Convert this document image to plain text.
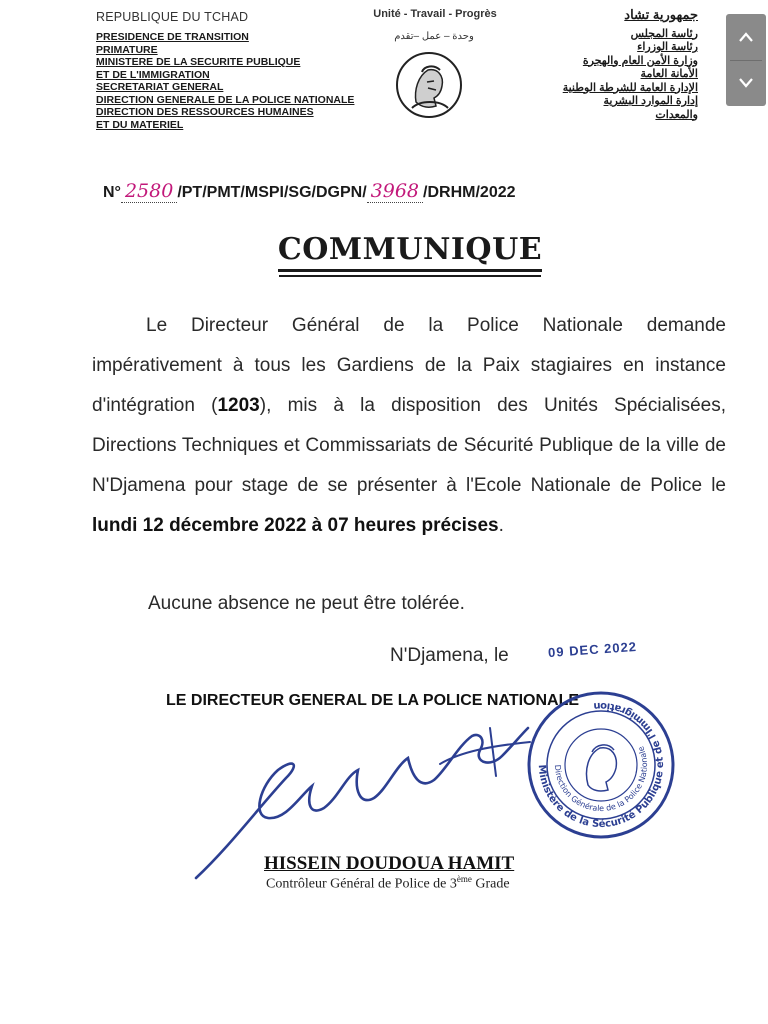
REPUBLIQUE DU TCHAD
PRESIDENCE DE TRANSITION
PRIMATURE
MINISTERE DE LA SECURITE PUBLIQUE
ET DE L'IMMIGRATION
SECRETARIAT GENERAL
DIRECTION GENERALE DE LA POLICE NATIONALE
DIRECTION DES RESSOURCES HUMAINES
ET DU MATERIEL
Unité - Travail - Progrès
وحدة – عمل –تقدم
جمهورية تشاد
رئاسة المجلس
رئاسة الوزراء
وزارة الأمن العام والهجرة
الأمانة العامة
الإدارة العامة للشرطة الوطنية
إدارة الموارد البشرية
والمعدات
N° 2580 /PT/PMT/MSPI/SG/DGPN/ 3968 /DRHM/2022
COMMUNIQUE
Le Directeur Général de la Police Nationale demande impérativement à tous les Gardiens de la Paix stagiaires en instance d'intégration (1203), mis à la disposition des Unités Spécialisées, Directions Techniques et Commissariats de Sécurité Publique de la ville de N'Djamena pour stage de se présenter à l'Ecole Nationale de Police le lundi 12 décembre 2022 à 07 heures précises.
Aucune absence ne peut être tolérée.
N'Djamena, le	09 DEC 2022
LE DIRECTEUR GENERAL DE LA POLICE NATIONALE
Ministère de la Sécurité Publique et de l'Immigration
Direction Générale de la Police Nationale
HISSEIN DOUDOUA HAMIT
Contrôleur Général de Police de 3ème Grade
